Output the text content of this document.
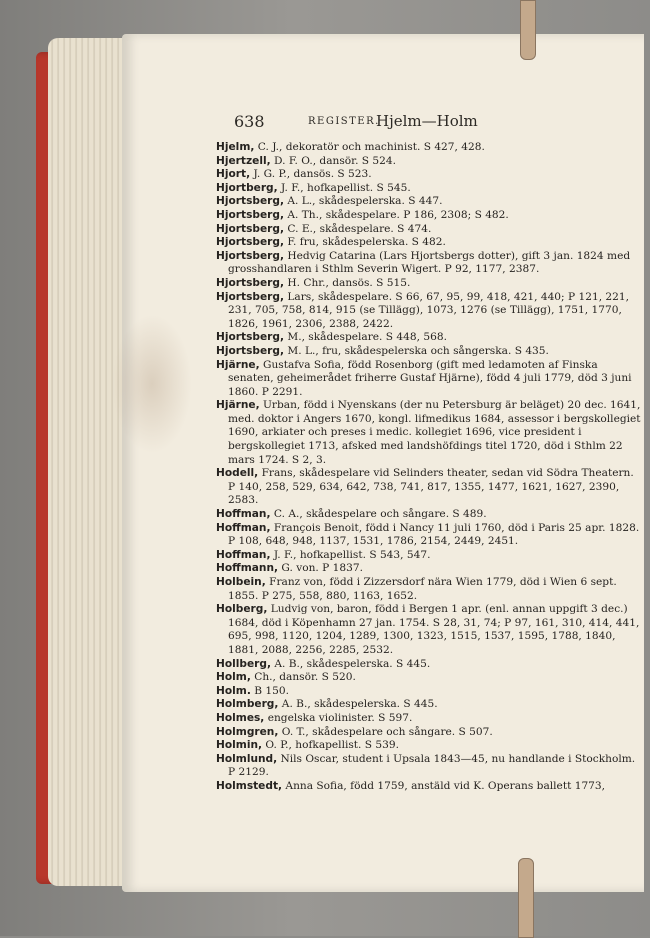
638	REGISTER.
Hjelm—Holm

Hjelm, C. J., dekoratör och machinist. S 427, 428.

Hjertzell, D. F. O., dansör. S 524.

Hjort, J. G. P., dansös. S 523.

Hjortberg, J. F., hofkapellist. S 545.

Hjortsberg, A. L., skådespelerska. S 447.

Hjortsberg, A. Th., skådespelare. P 186, 2308; S 482.

Hjortsberg, C. E., skådespelare. S 474.

Hjortsberg, F. fru, skådespelerska. S 482.

Hjortsberg, Hedvig Catarina (Lars Hjortsbergs dotter), gift 3 jan. 1824 med grosshandlaren i Sthlm Severin Wigert. P 92, 1177, 2387.

Hjortsberg, H. Chr., dansös. S 515.

Hjortsberg, Lars, skådespelare. S 66, 67, 95, 99, 418, 421, 440; P 121, 221, 231, 705, 758, 814, 915 (se Tillägg), 1073, 1276 (se Tillägg), 1751, 1770, 1826, 1961, 2306, 2388, 2422.

Hjortsberg, M., skådespelare. S 448, 568.

Hjortsberg, M. L., fru, skådespelerska och sångerska. S 435.

Hjärne, Gustafva Sofia, född Rosenborg (gift med ledamoten af Finska senaten, geheimerådet friherre Gustaf Hjärne), född 4 juli 1779, död 3 juni 1860. P 2291.

Hjärne, Urban, född i Nyenskans (der nu Petersburg är beläget) 20 dec. 1641, med. doktor i Angers 1670, kongl. lifmedikus 1684, assessor i bergskollegiet 1690, arkiater och preses i medic. kollegiet 1696, vice president i bergskollegiet 1713, afsked med landshöfdings titel 1720, död i Sthlm 22 mars 1724. S 2, 3.

Hodell, Frans, skådespelare vid Selinders theater, sedan vid Södra Theatern. P 140, 258, 529, 634, 642, 738, 741, 817, 1355, 1477, 1621, 1627, 2390, 2583.

Hoffman, C. A., skådespelare och sångare. S 489.

Hoffman, François Benoit, född i Nancy 11 juli 1760, död i Paris 25 apr. 1828. P 108, 648, 948, 1137, 1531, 1786, 2154, 2449, 2451.

Hoffman, J. F., hofkapellist. S 543, 547.

Hoffmann, G. von. P 1837.

Holbein, Franz von, född i Zizzersdorf nära Wien 1779, död i Wien 6 sept. 1855. P 275, 558, 880, 1163, 1652.

Holberg, Ludvig von, baron, född i Bergen 1 apr. (enl. annan uppgift 3 dec.) 1684, död i Köpenhamn 27 jan. 1754. S 28, 31, 74; P 97, 161, 310, 414, 441, 695, 998, 1120, 1204, 1289, 1300, 1323, 1515, 1537, 1595, 1788, 1840, 1881, 2088, 2256, 2285, 2532.

Hollberg, A. B., skådespelerska. S 445.

Holm, Ch., dansör. S 520.

Holm. B 150.

Holmberg, A. B., skådespelerska. S 445.

Holmes, engelska violinister. S 597.

Holmgren, O. T., skådespelare och sångare. S 507.

Holmin, O. P., hofkapellist. S 539.

Holmlund, Nils Oscar, student i Upsala 1843—45, nu handlande i Stockholm. P 2129.

Holmstedt, Anna Sofia, född 1759, anstäld vid K. Operans ballett 1773,
